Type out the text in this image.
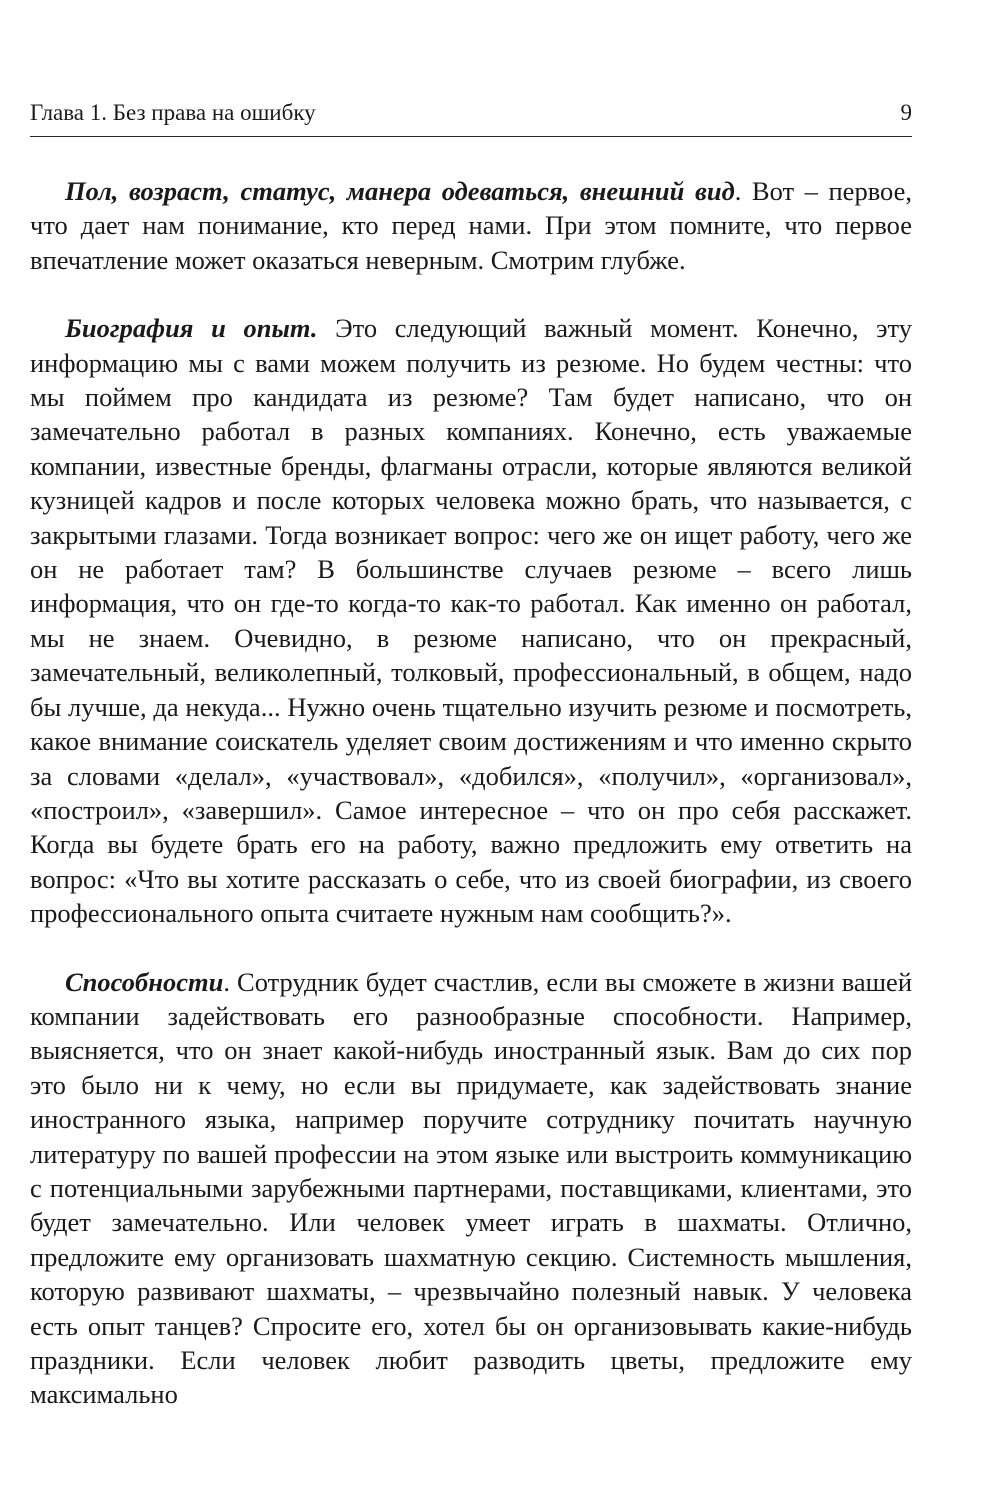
Глава 1. Без права на ошибку	9

Пол, возраст, статус, манера одеваться, внешний вид. Вот – первое, что дает нам понимание, кто перед нами. При этом помните, что первое впечатление может оказаться неверным. Смотрим глубже.

Биография и опыт. Это следующий важный момент. Конечно, эту информацию мы с вами можем получить из резюме. Но будем честны: что мы поймем про кандидата из резюме? Там будет написано, что он замечательно работал в разных компаниях. Конечно, есть уважаемые компании, известные бренды, флагманы отрасли, которые являются великой кузницей кадров и после которых человека можно брать, что называется, с закрытыми глазами. Тогда возникает вопрос: чего же он ищет работу, чего же он не работает там? В большинстве случаев резюме – всего лишь информация, что он где-то когда-то как-то работал. Как именно он работал, мы не знаем. Очевидно, в резюме написано, что он прекрасный, замечательный, великолепный, толковый, профессиональный, в общем, надо бы лучше, да некуда... Нужно очень тщательно изучить резюме и посмотреть, какое внимание соискатель уделяет своим достижениям и что именно скрыто за словами «делал», «участвовал», «добился», «получил», «организовал», «построил», «завершил». Самое интересное – что он про себя расскажет. Когда вы будете брать его на работу, важно предложить ему ответить на вопрос: «Что вы хотите рассказать о себе, что из своей биографии, из своего профессионального опыта считаете нужным нам сообщить?».

Способности. Сотрудник будет счастлив, если вы сможете в жизни вашей компании задействовать его разнообразные способности. Например, выясняется, что он знает какой-нибудь иностранный язык. Вам до сих пор это было ни к чему, но если вы придумаете, как задействовать знание иностранного языка, например поручите сотруднику почитать научную литературу по вашей профессии на этом языке или выстроить коммуникацию с потенциальными зарубежными партнерами, поставщиками, клиентами, это будет замечательно. Или человек умеет играть в шахматы. Отлично, предложите ему организовать шахматную секцию. Системность мышления, которую развивают шахматы, – чрезвычайно полезный навык. У человека есть опыт танцев? Спросите его, хотел бы он организовывать какие-нибудь праздники. Если человек любит разводить цветы, предложите ему максимально
